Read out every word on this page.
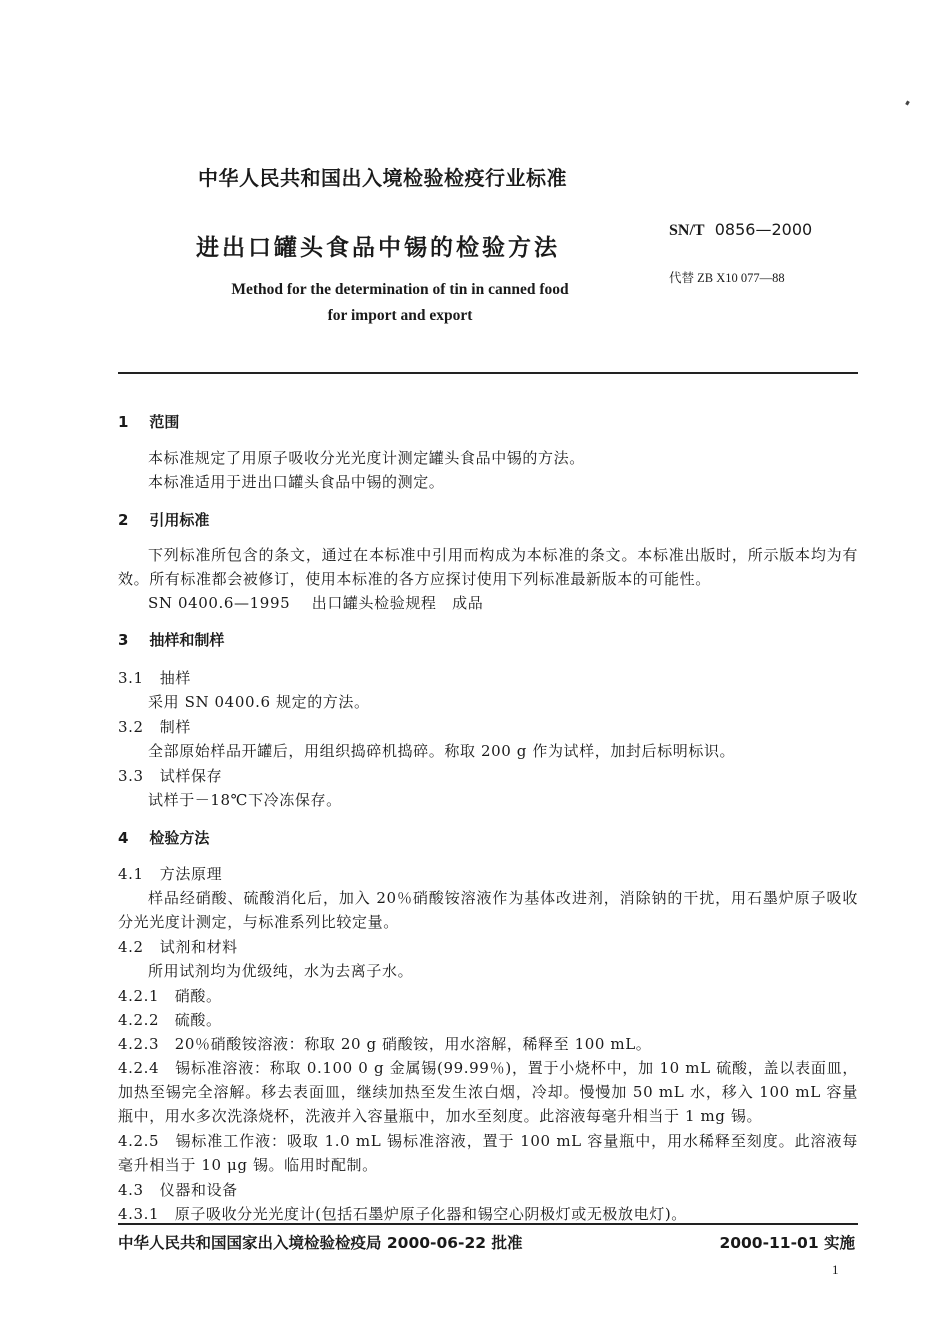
中华人民共和国出入境检验检疫行业标准
进出口罐头食品中锡的检验方法
Method for the determination of tin in canned food
for import and export
SN/T 0856—2000
代替 ZB X10 077—88
1 范围
本标准规定了用原子吸收分光光度计测定罐头食品中锡的方法。
本标准适用于进出口罐头食品中锡的测定。
2 引用标准
下列标准所包含的条文，通过在本标准中引用而构成为本标准的条文。本标准出版时，所示版本均为有效。所有标准都会被修订，使用本标准的各方应探讨使用下列标准最新版本的可能性。
SN 0400.6—1995 出口罐头检验规程　成品
3 抽样和制样
3.1 抽样
采用 SN 0400.6 规定的方法。
3.2 制样
全部原始样品开罐后，用组织捣碎机捣碎。称取 200 g 作为试样，加封后标明标识。
3.3 试样保存
试样于－18℃下冷冻保存。
4 检验方法
4.1 方法原理
样品经硝酸、硫酸消化后，加入 20％硝酸铵溶液作为基体改进剂，消除钠的干扰，用石墨炉原子吸收分光光度计测定，与标准系列比较定量。
4.2 试剂和材料
所用试剂均为优级纯，水为去离子水。
4.2.1　硝酸。
4.2.2　硫酸。
4.2.3　20％硝酸铵溶液：称取 20 g 硝酸铵，用水溶解，稀释至 100 mL。
4.2.4　锡标准溶液：称取 0.100 0 g 金属锡(99.99％)，置于小烧杯中，加 10 mL 硫酸，盖以表面皿，加热至锡完全溶解。移去表面皿，继续加热至发生浓白烟，冷却。慢慢加 50 mL 水，移入 100 mL 容量瓶中，用水多次洗涤烧杯，洗液并入容量瓶中，加水至刻度。此溶液每毫升相当于 1 mg 锡。
4.2.5　锡标准工作液：吸取 1.0 mL 锡标准溶液，置于 100 mL 容量瓶中，用水稀释至刻度。此溶液每毫升相当于 10 μg 锡。临用时配制。
4.3 仪器和设备
4.3.1　原子吸收分光光度计(包括石墨炉原子化器和锡空心阴极灯或无极放电灯)。
中华人民共和国国家出入境检验检疫局 2000-06-22 批准	2000-11-01 实施
1
